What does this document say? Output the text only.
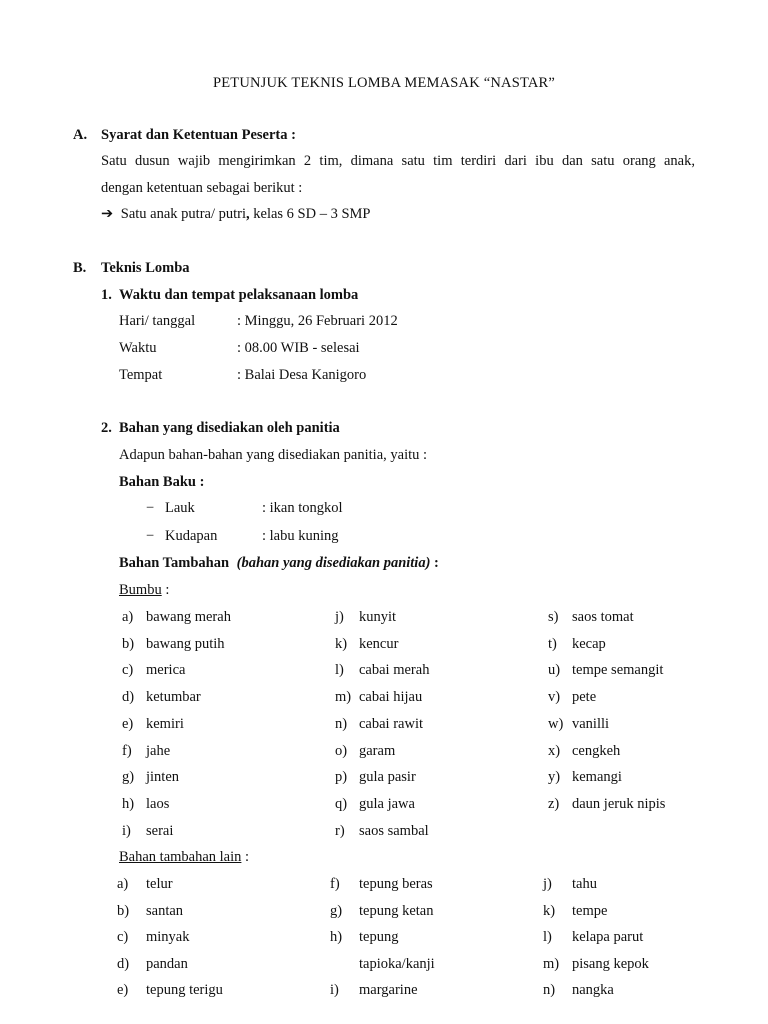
PETUNJUK TEKNIS LOMBA MEMASAK “NASTAR”
A. Syarat dan Ketentuan Peserta :
Satu dusun wajib mengirimkan 2 tim, dimana satu tim terdiri dari ibu dan satu orang anak,
dengan ketentuan sebagai berikut :
➔ Satu anak putra/ putri, kelas 6 SD – 3 SMP
B. Teknis Lomba
1. Waktu dan tempat pelaksanaan lomba
Hari/ tanggal	: Minggu, 26 Februari 2012
Waktu	: 08.00 WIB - selesai
Tempat	: Balai Desa Kanigoro
2. Bahan yang disediakan oleh panitia
Adapun bahan-bahan yang disediakan panitia, yaitu :
Bahan Baku :
− Lauk	: ikan tongkol
− Kudapan	: labu kuning
Bahan Tambahan (bahan yang disediakan panitia) :
Bumbu :
a) bawang merah
b) bawang putih
c) merica
d) ketumbar
e) kemiri
f) jahe
g) jinten
h) laos
i) serai
j) kunyit
k) kencur
l) cabai merah
m) cabai hijau
n) cabai rawit
o) garam
p) gula pasir
q) gula jawa
r) saos sambal
s) saos tomat
t) kecap
u) tempe semangit
v) pete
w) vanilli
x) cengkeh
y) kemangi
z) daun jeruk nipis
Bahan tambahan lain :
a) telur
b) santan
c) minyak
d) pandan
e) tepung terigu
f) tepung beras
g) tepung ketan
h) tepung
tapioka/kanji
i) margarine
j) tahu
k) tempe
l) kelapa parut
m) pisang kepok
n) nangka
